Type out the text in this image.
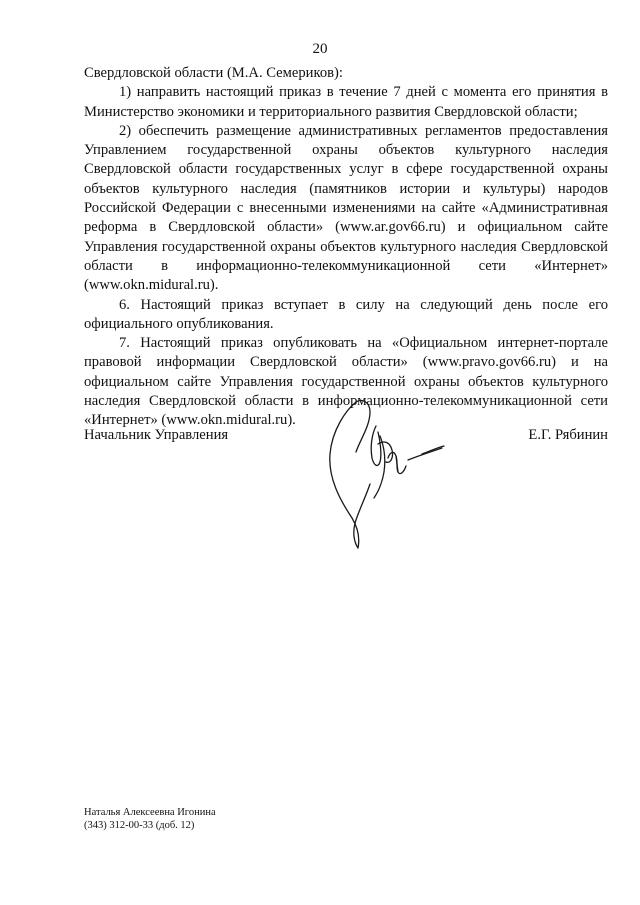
20

Свердловской области (М.А. Семериков):

1) направить настоящий приказ в течение 7 дней с момента его принятия в Министерство экономики и территориального развития Свердловской области;

2) обеспечить размещение административных регламентов предоставления Управлением государственной охраны объектов культурного наследия Свердловской области государственных услуг в сфере государственной охраны объектов культурного наследия (памятников истории и культуры) народов Российской Федерации с внесенными изменениями на сайте «Административная реформа в Свердловской области» (www.ar.gov66.ru) и официальном сайте Управления государственной охраны объектов культурного наследия Свердловской области в информационно-телекоммуникационной сети «Интернет» (www.okn.midural.ru).

6. Настоящий приказ вступает в силу на следующий день после его официального опубликования.

7. Настоящий приказ опубликовать на «Официальном интернет-портале правовой информации Свердловской области» (www.pravo.gov66.ru) и на официальном сайте Управления государственной охраны объектов культурного наследия Свердловской области в информационно-телекоммуникационной сети «Интернет» (www.okn.midural.ru).

Начальник Управления	Е.Г. Рябинин
Наталья Алексеевна Игонина
(343) 312-00-33 (доб. 12)
